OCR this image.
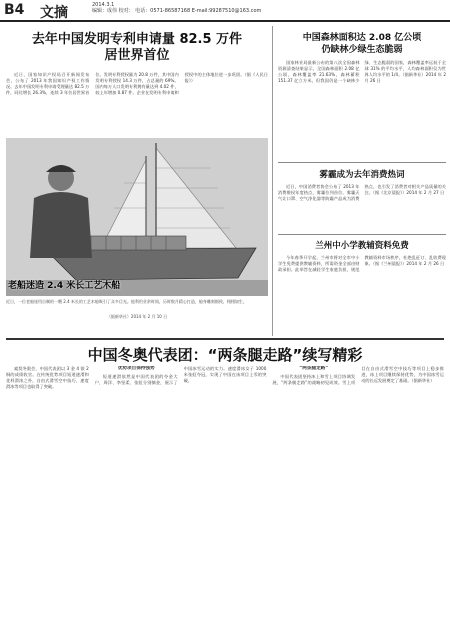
B4 文摘	2014.3.1
编辑：成伟 校对： 电话：0571-86587168 E-mail:99287510@163.com
去年中国发明专利申请量 82.5 万件
居世界首位

近日，国家知识产权局召开新闻发布会，公布了 2013 年我国知识产权工作情况。去年中国发明专利申请受理量达 82.5 万件，同比增长 26.3%，连续 3 年位居世界首位。发明专利授权量为 20.8 万件，其中国内发明专利授权 14.3 万件，占总量的 69%。国内每万人口发明专利拥有量达到 4.02 件，较上年增加 0.87 件。企业在发明专利申请和授权中的主体地位进一步巩固。（据《人民日报》）

老船迷造 2.4 米长工艺木船
近日，一位老船迷用自制的一艘 2.4 米长的工艺木船吸引了众多目光。他利用业余时间，历时数月精心打造，船身雕刻细致、栩栩如生。
（据新华社）2014 年 2 月 10 日
中国森林面积达 2.08 亿公顷
仍缺林少绿生态脆弱

国家林业局最新公布的第八次全国森林资源清查结果显示，全国森林面积 2.08 亿公顷，森林覆盖率 21.63%，森林蓄积 151.37 亿立方米。但我国仍是一个缺林少绿、生态脆弱的国家，森林覆盖率远低于全球 31% 的平均水平，人均森林面积仅为世界人均水平的 1/4。（据新华社）2014 年 2 月 26 日

雾霾成为去年消费热词

近日，中国消费者协会公布了 2013 年消费维权年度热点，雾霾位列首位。雾霾天气让口罩、空气净化器等防霾产品成为消费热点，也引发了消费者对相关产品质量的关注。（据《北京晨报》）2014 年 2 月 27 日

兰州中小学教辅资料免费

今年春季开学起，兰州市将对全市中小学生免费提供教辅资料，所需资金全部由财政承担。此举旨在减轻学生家庭负担，规范教辅资料市场秩序，杜绝乱征订、乱收费现象。（据《兰州晨报》）2014 年 2 月 26 日

中国冬奥代表团：“两条腿走路”续写精彩

索契冬奥会，中国代表团以 3 金 4 银 2 铜的成绩收官。在传统优势项目短道速滑和花样滑冰之外，自由式滑雪空中技巧、速度滑冰等项目也取得了突破。

优势项目保持强势

短道速滑依然是中国代表团的夺金大户，周洋、李坚柔、张虹分别摘金，展示了中国冰雪运动的实力。速度滑冰女子 1000 米张虹夺冠，实现了中国在该项目上零的突破。

“两条腿走路”

中国代表团坚持冰上和雪上项目协调发展，“两条腿走路”的战略初见成效。雪上项目在自由式滑雪空中技巧等项目上稳步推进，冰上项目继续保持优势，为中国冰雪运动的长远发展奠定了基础。（据新华社）
